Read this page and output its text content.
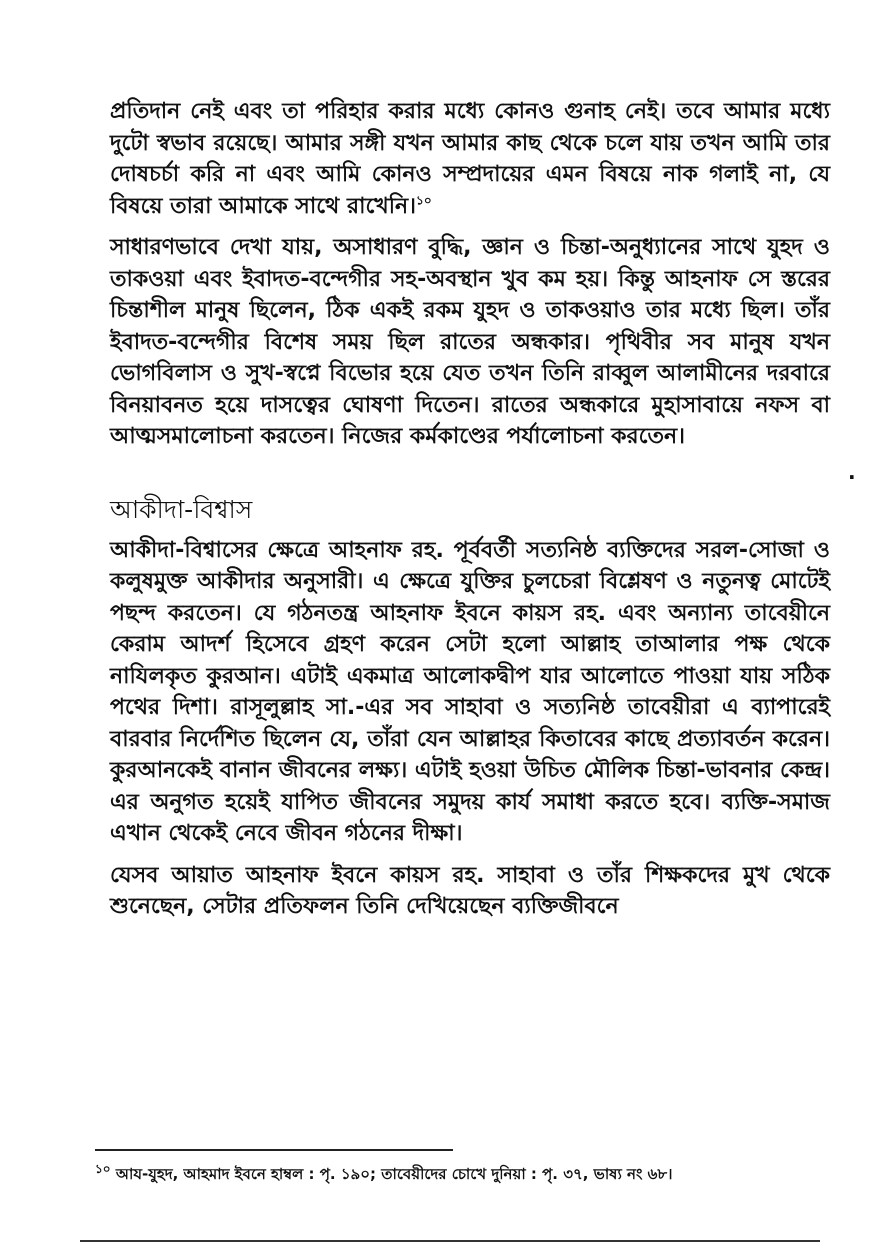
প্রতিদান নেই এবং তা পরিহার করার মধ্যে কোনও গুনাহ নেই। তবে আমার মধ্যে দুটো স্বভাব রয়েছে। আমার সঙ্গী যখন আমার কাছ থেকে চলে যায় তখন আমি তার দোষচর্চা করি না এবং আমি কোনও সম্প্রদায়ের এমন বিষয়ে নাক গলাই না, যে বিষয়ে তারা আমাকে সাথে রাখেনি।$^{১০}$

সাধারণভাবে দেখা যায়, অসাধারণ বুদ্ধি, জ্ঞান ও চিন্তা-অনুধ্যানের সাথে যুহদ ও তাকওয়া এবং ইবাদত-বন্দেগীর সহ-অবস্থান খুব কম হয়। কিন্তু আহনাফ সে স্তরের চিন্তাশীল মানুষ ছিলেন, ঠিক একই রকম যুহদ ও তাকওয়াও তার মধ্যে ছিল। তাঁর ইবাদত-বন্দেগীর বিশেষ সময় ছিল রাতের অন্ধকার। পৃথিবীর সব মানুষ যখন ভোগবিলাস ও সুখ-স্বপ্নে বিভোর হয়ে যেত তখন তিনি রাব্বুল আলামীনের দরবারে বিনয়াবনত হয়ে দাসত্বের ঘোষণা দিতেন। রাতের অন্ধকারে মুহাসাবায়ে নফস বা আত্মসমালোচনা করতেন। নিজের কর্মকাণ্ডের পর্যালোচনা করতেন।

আকীদা-বিশ্বাস

আকীদা-বিশ্বাসের ক্ষেত্রে আহনাফ রহ. পূর্ববর্তী সত্যনিষ্ঠ ব্যক্তিদের সরল-সোজা ও কলুষমুক্ত আকীদার অনুসারী। এ ক্ষেত্রে যুক্তির চুলচেরা বিশ্লেষণ ও নতুনত্ব মোটেই পছন্দ করতেন। যে গঠনতন্ত্র আহনাফ ইবনে কায়স রহ. এবং অন্যান্য তাবেয়ীনে কেরাম আদর্শ হিসেবে গ্রহণ করেন সেটা হলো আল্লাহ তাআলার পক্ষ থেকে নাযিলকৃত কুরআন। এটাই একমাত্র আলোকদ্বীপ যার আলোতে পাওয়া যায় সঠিক পথের দিশা। রাসূলুল্লাহ সা.-এর সব সাহাবা ও সত্যনিষ্ঠ তাবেয়ীরা এ ব্যাপারেই বারবার নির্দেশিত ছিলেন যে, তাঁরা যেন আল্লাহর কিতাবের কাছে প্রত্যাবর্তন করেন। কুরআনকেই বানান জীবনের লক্ষ্য। এটাই হওয়া উচিত মৌলিক চিন্তা-ভাবনার কেন্দ্র। এর অনুগত হয়েই যাপিত জীবনের সমুদয় কার্য সমাধা করতে হবে। ব্যক্তি-সমাজ এখান থেকেই নেবে জীবন গঠনের দীক্ষা।

যেসব আয়াত আহনাফ ইবনে কায়স রহ. সাহাবা ও তাঁর শিক্ষকদের মুখ থেকে শুনেছেন, সেটার প্রতিফলন তিনি দেখিয়েছেন ব্যক্তিজীবনে

.
$^{১০}$ আয-যুহদ, আহমাদ ইবনে হাম্বল : পৃ. ১৯০; তাবেয়ীদের চোখে দুনিয়া : পৃ. ৩৭, ভাষ্য নং ৬৮।
